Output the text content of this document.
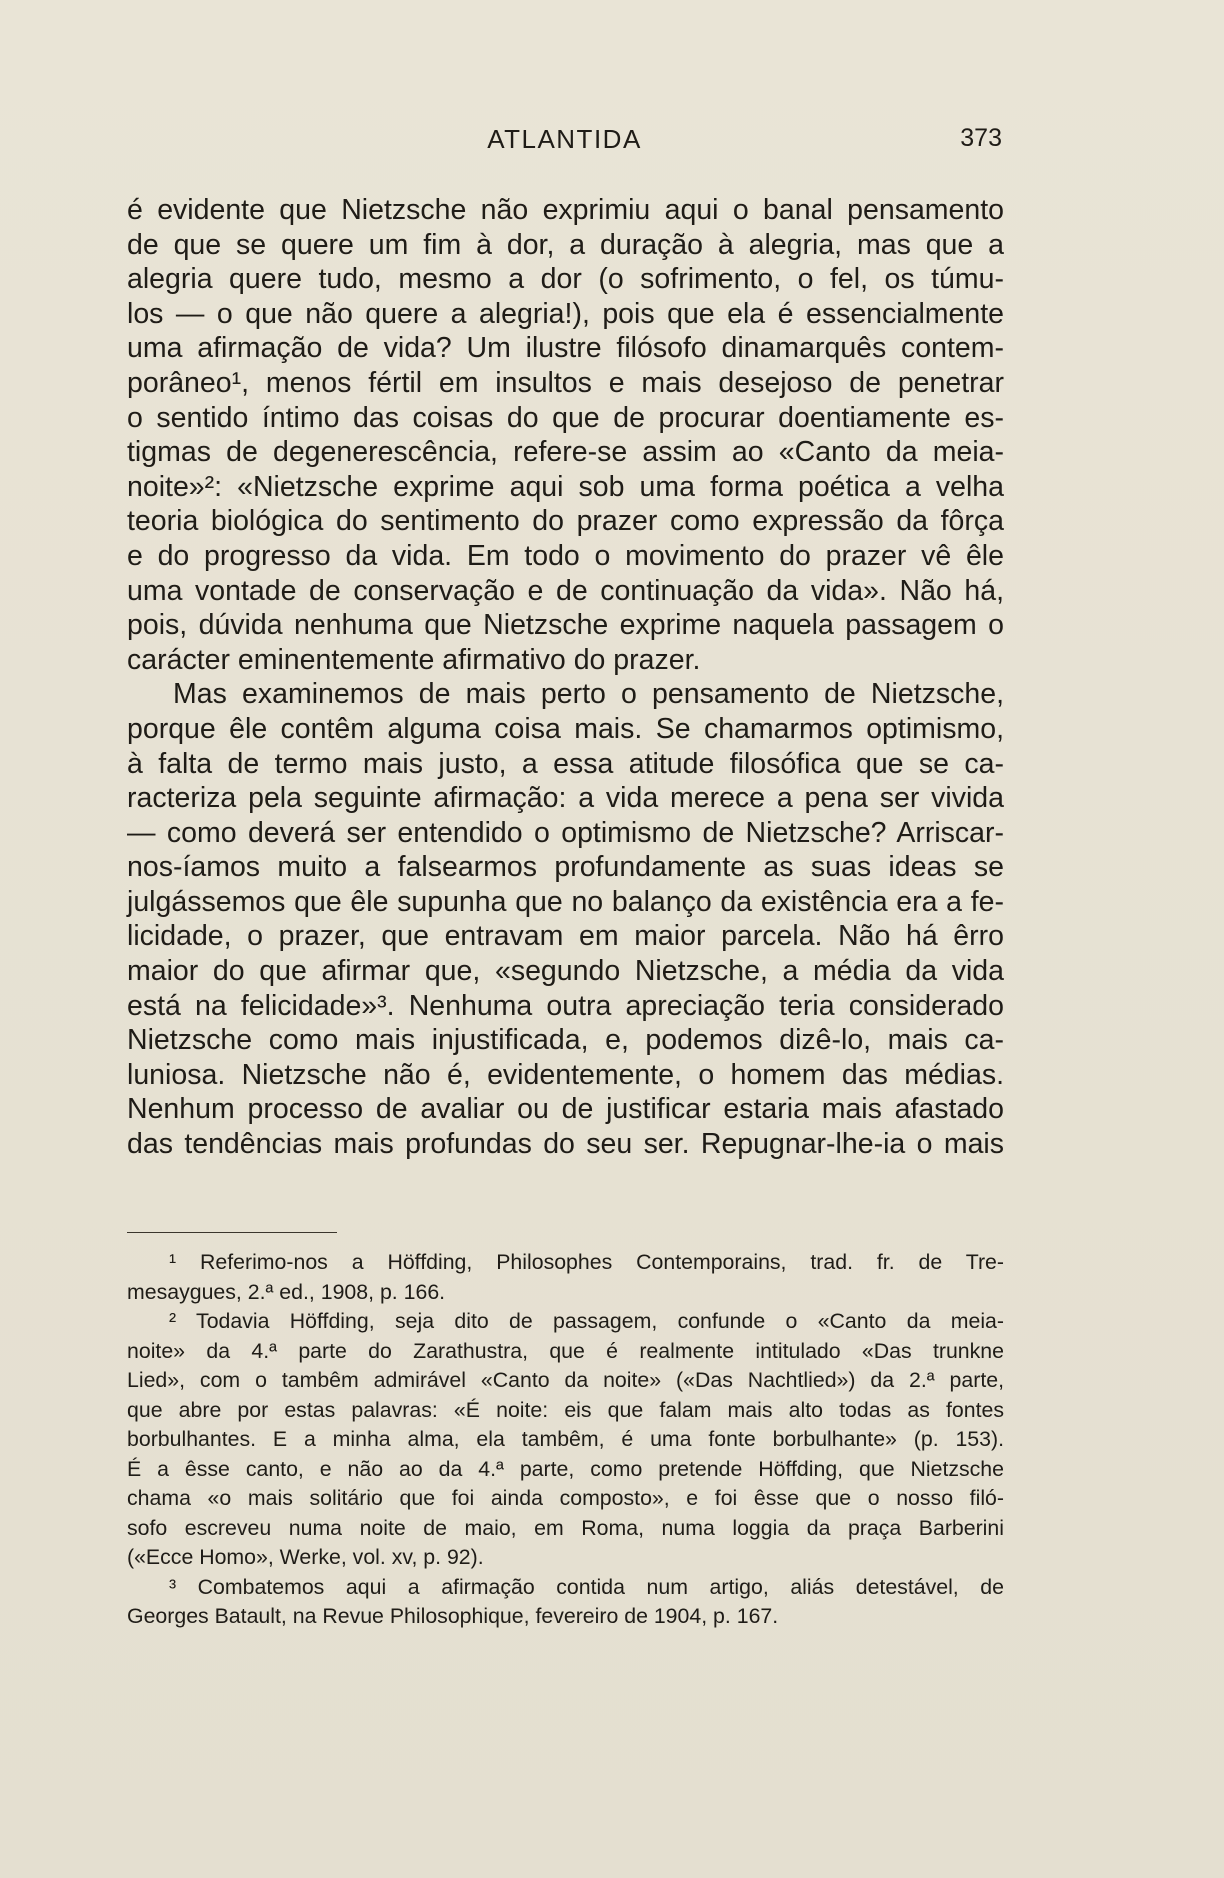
ATLANTIDA	373
é evidente que Nietzsche não exprimiu aqui o banal pensamento
de que se quere um fim à dor, a duração à alegria, mas que a
alegria quere tudo, mesmo a dor (o sofrimento, o fel, os túmu-
los — o que não quere a alegria!), pois que ela é essencialmente
uma afirmação de vida? Um ilustre filósofo dinamarquês contem-
porâneo¹, menos fértil em insultos e mais desejoso de penetrar
o sentido íntimo das coisas do que de procurar doentiamente es-
tigmas de degenerescência, refere-se assim ao «Canto da meia-
noite»²: «Nietzsche exprime aqui sob uma forma poética a velha
teoria biológica do sentimento do prazer como expressão da fôrça
e do progresso da vida. Em todo o movimento do prazer vê êle
uma vontade de conservação e de continuação da vida». Não há,
pois, dúvida nenhuma que Nietzsche exprime naquela passagem o
carácter eminentemente afirmativo do prazer.
Mas examinemos de mais perto o pensamento de Nietzsche,
porque êle contêm alguma coisa mais. Se chamarmos optimismo,
à falta de termo mais justo, a essa atitude filosófica que se ca-
racteriza pela seguinte afirmação: a vida merece a pena ser vivida
— como deverá ser entendido o optimismo de Nietzsche? Arriscar-
nos-íamos muito a falsearmos profundamente as suas ideas se
julgássemos que êle supunha que no balanço da existência era a fe-
licidade, o prazer, que entravam em maior parcela. Não há êrro
maior do que afirmar que, «segundo Nietzsche, a média da vida
está na felicidade»³. Nenhuma outra apreciação teria considerado
Nietzsche como mais injustificada, e, podemos dizê-lo, mais ca-
luniosa. Nietzsche não é, evidentemente, o homem das médias.
Nenhum processo de avaliar ou de justificar estaria mais afastado
das tendências mais profundas do seu ser. Repugnar-lhe-ia o mais
¹ Referimo-nos a Höffding, Philosophes Contemporains, trad. fr. de Tre-
mesaygues, 2.ª ed., 1908, p. 166.
² Todavia Höffding, seja dito de passagem, confunde o «Canto da meia-
noite» da 4.ª parte do Zarathustra, que é realmente intitulado «Das trunkne
Lied», com o tambêm admirável «Canto da noite» («Das Nachtlied») da 2.ª parte,
que abre por estas palavras: «É noite: eis que falam mais alto todas as fontes
borbulhantes. E a minha alma, ela tambêm, é uma fonte borbulhante» (p. 153).
É a êsse canto, e não ao da 4.ª parte, como pretende Höffding, que Nietzsche
chama «o mais solitário que foi ainda composto», e foi êsse que o nosso filó-
sofo escreveu numa noite de maio, em Roma, numa loggia da praça Barberini
(«Ecce Homo», Werke, vol. xv, p. 92).
³ Combatemos aqui a afirmação contida num artigo, aliás detestável, de
Georges Batault, na Revue Philosophique, fevereiro de 1904, p. 167.
